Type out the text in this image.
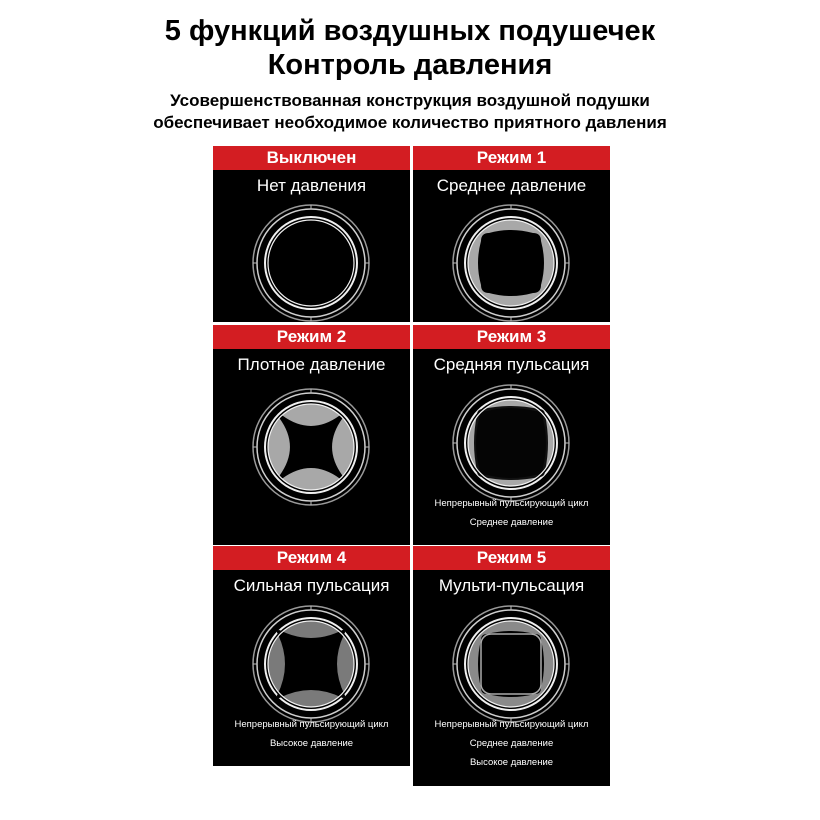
5 функций воздушных подушечек
Контроль давления
Усовершенствованная конструкция воздушной подушки
обеспечивает необходимое количество приятного давления
Выключен
Нет давления
Режим 1
Среднее давление
Режим 2
Плотное давление
Режим 3
Средняя пульсация
Непрерывный пульсирующий цикл
Среднее давление
Режим 4
Сильная пульсация
Непрерывный пульсирующий цикл
Высокое давление
Режим 5
Мульти-пульсация
Непрерывный пульсирующий цикл
Среднее давление
Высокое давление
